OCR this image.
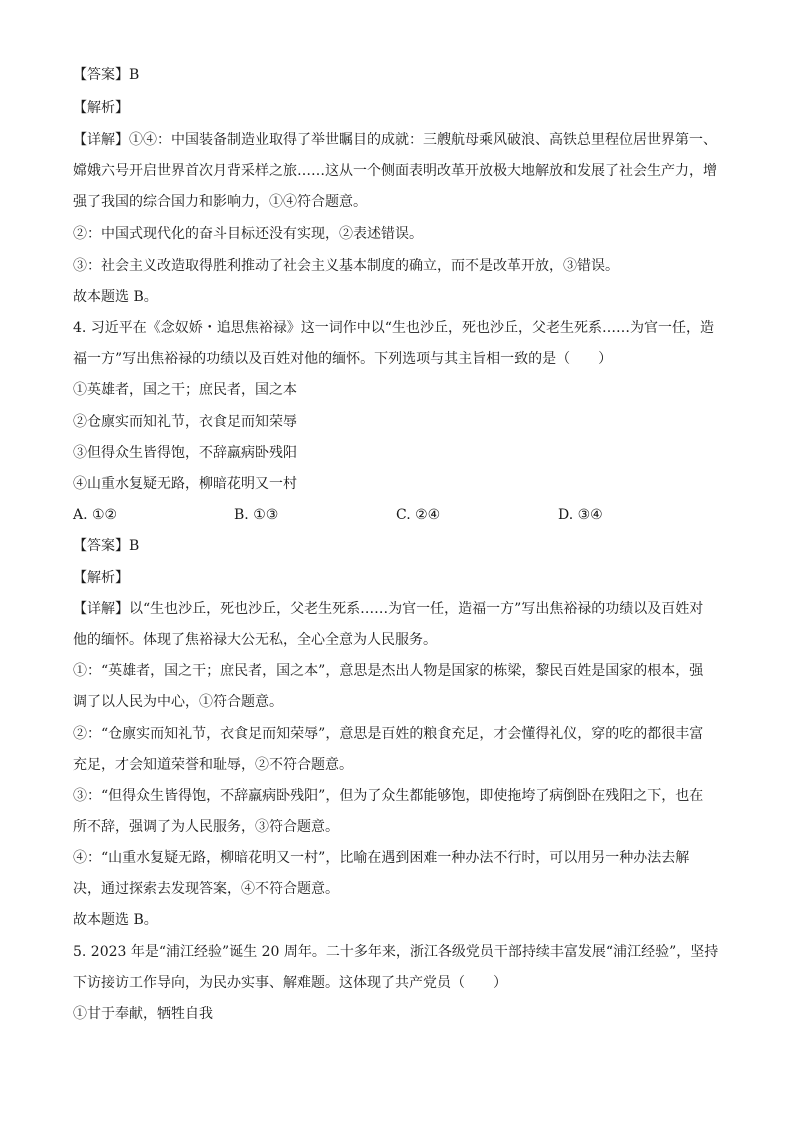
【答案】B
【解析】
【详解】①④：中国装备制造业取得了举世瞩目的成就：三艘航母乘风破浪、高铁总里程位居世界第一、
嫦娥六号开启世界首次月背采样之旅……这从一个侧面表明改革开放极大地解放和发展了社会生产力，增
强了我国的综合国力和影响力，①④符合题意。
②：中国式现代化的奋斗目标还没有实现，②表述错误。
③：社会主义改造取得胜利推动了社会主义基本制度的确立，而不是改革开放，③错误。
故本题选 B。
4. 习近平在《念奴娇・追思焦裕禄》这一词作中以“生也沙丘，死也沙丘，父老生死系……为官一任，造
福一方”写出焦裕禄的功绩以及百姓对他的缅怀。下列选项与其主旨相一致的是（　　）
①英雄者，国之干；庶民者，国之本
②仓廪实而知礼节，衣食足而知荣辱
③但得众生皆得饱，不辞羸病卧残阳
④山重水复疑无路，柳暗花明又一村
A. ①②	B. ①③	C. ②④	D. ③④
【答案】B
【解析】
【详解】以“生也沙丘，死也沙丘，父老生死系……为官一任，造福一方”写出焦裕禄的功绩以及百姓对
他的缅怀。体现了焦裕禄大公无私，全心全意为人民服务。
①：“英雄者，国之干；庶民者，国之本”，意思是杰出人物是国家的栋梁，黎民百姓是国家的根本，强
调了以人民为中心，①符合题意。
②：“仓廪实而知礼节，衣食足而知荣辱”，意思是百姓的粮食充足，才会懂得礼仪，穿的吃的都很丰富
充足，才会知道荣誉和耻辱，②不符合题意。
③：“但得众生皆得饱，不辞羸病卧残阳”，但为了众生都能够饱，即使拖垮了病倒卧在残阳之下，也在
所不辞，强调了为人民服务，③符合题意。
④：“山重水复疑无路，柳暗花明又一村”，比喻在遇到困难一种办法不行时，可以用另一种办法去解
决，通过探索去发现答案，④不符合题意。
故本题选 B。
5. 2023 年是“浦江经验”诞生 20 周年。二十多年来，浙江各级党员干部持续丰富发展“浦江经验”，坚持
下访接访工作导向，为民办实事、解难题。这体现了共产党员（　　）
①甘于奉献，牺牲自我
